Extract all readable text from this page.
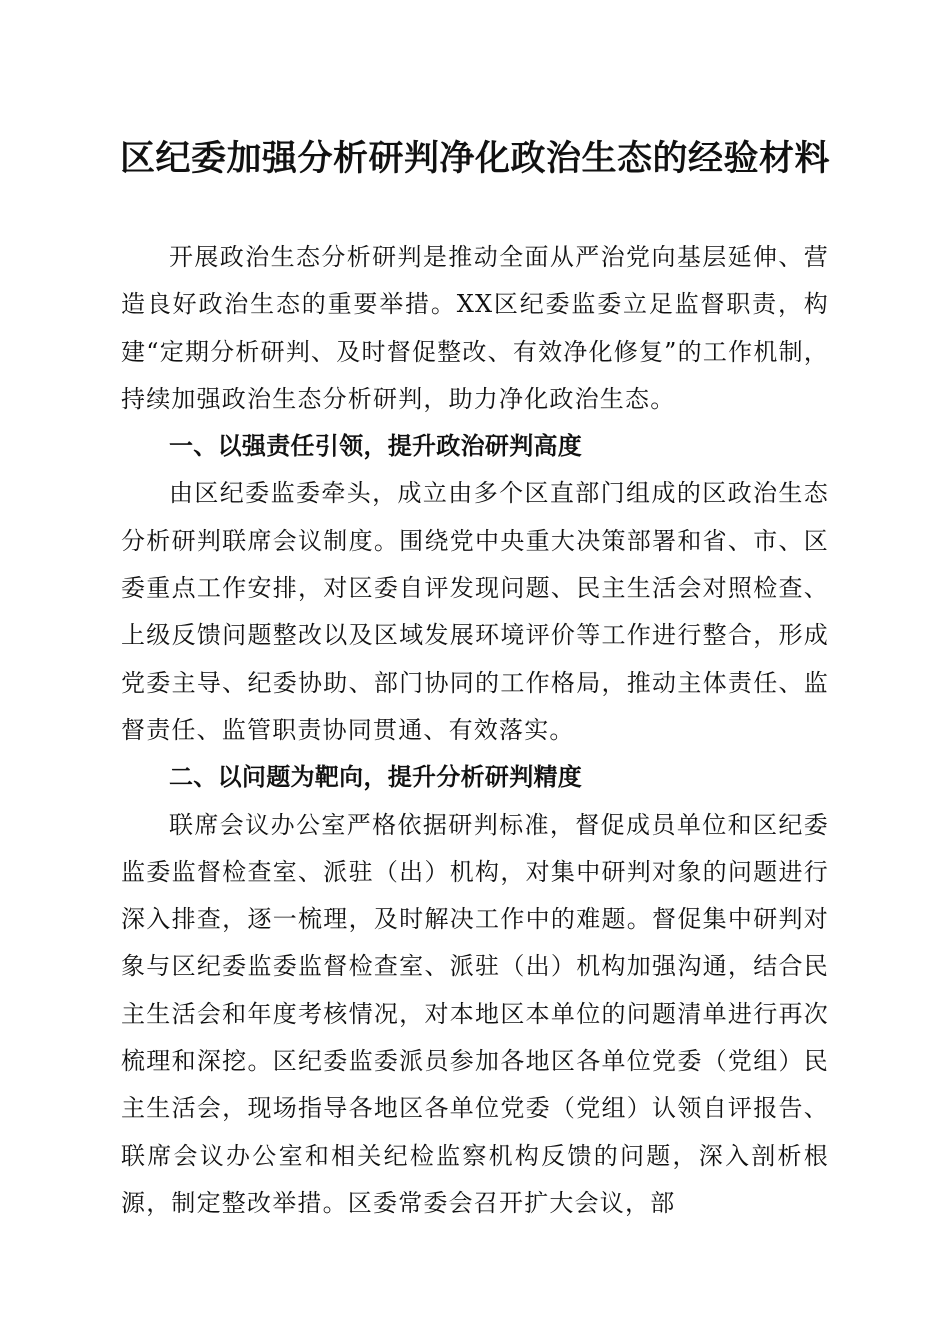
区纪委加强分析研判净化政治生态的经验材料

开展政治生态分析研判是推动全面从严治党向基层延伸、营造良好政治生态的重要举措。XX区纪委监委立足监督职责，构建“定期分析研判、及时督促整改、有效净化修复”的工作机制，持续加强政治生态分析研判，助力净化政治生态。

一、以强责任引领，提升政治研判高度

由区纪委监委牵头，成立由多个区直部门组成的区政治生态分析研判联席会议制度。围绕党中央重大决策部署和省、市、区委重点工作安排，对区委自评发现问题、民主生活会对照检查、上级反馈问题整改以及区域发展环境评价等工作进行整合，形成党委主导、纪委协助、部门协同的工作格局，推动主体责任、监督责任、监管职责协同贯通、有效落实。

二、以问题为靶向，提升分析研判精度

联席会议办公室严格依据研判标准，督促成员单位和区纪委监委监督检查室、派驻（出）机构，对集中研判对象的问题进行深入排查，逐一梳理，及时解决工作中的难题。督促集中研判对象与区纪委监委监督检查室、派驻（出）机构加强沟通，结合民主生活会和年度考核情况，对本地区本单位的问题清单进行再次梳理和深挖。区纪委监委派员参加各地区各单位党委（党组）民主生活会，现场指导各地区各单位党委（党组）认领自评报告、联席会议办公室和相关纪检监察机构反馈的问题，深入剖析根源，制定整改举措。区委常委会召开扩大会议，部
